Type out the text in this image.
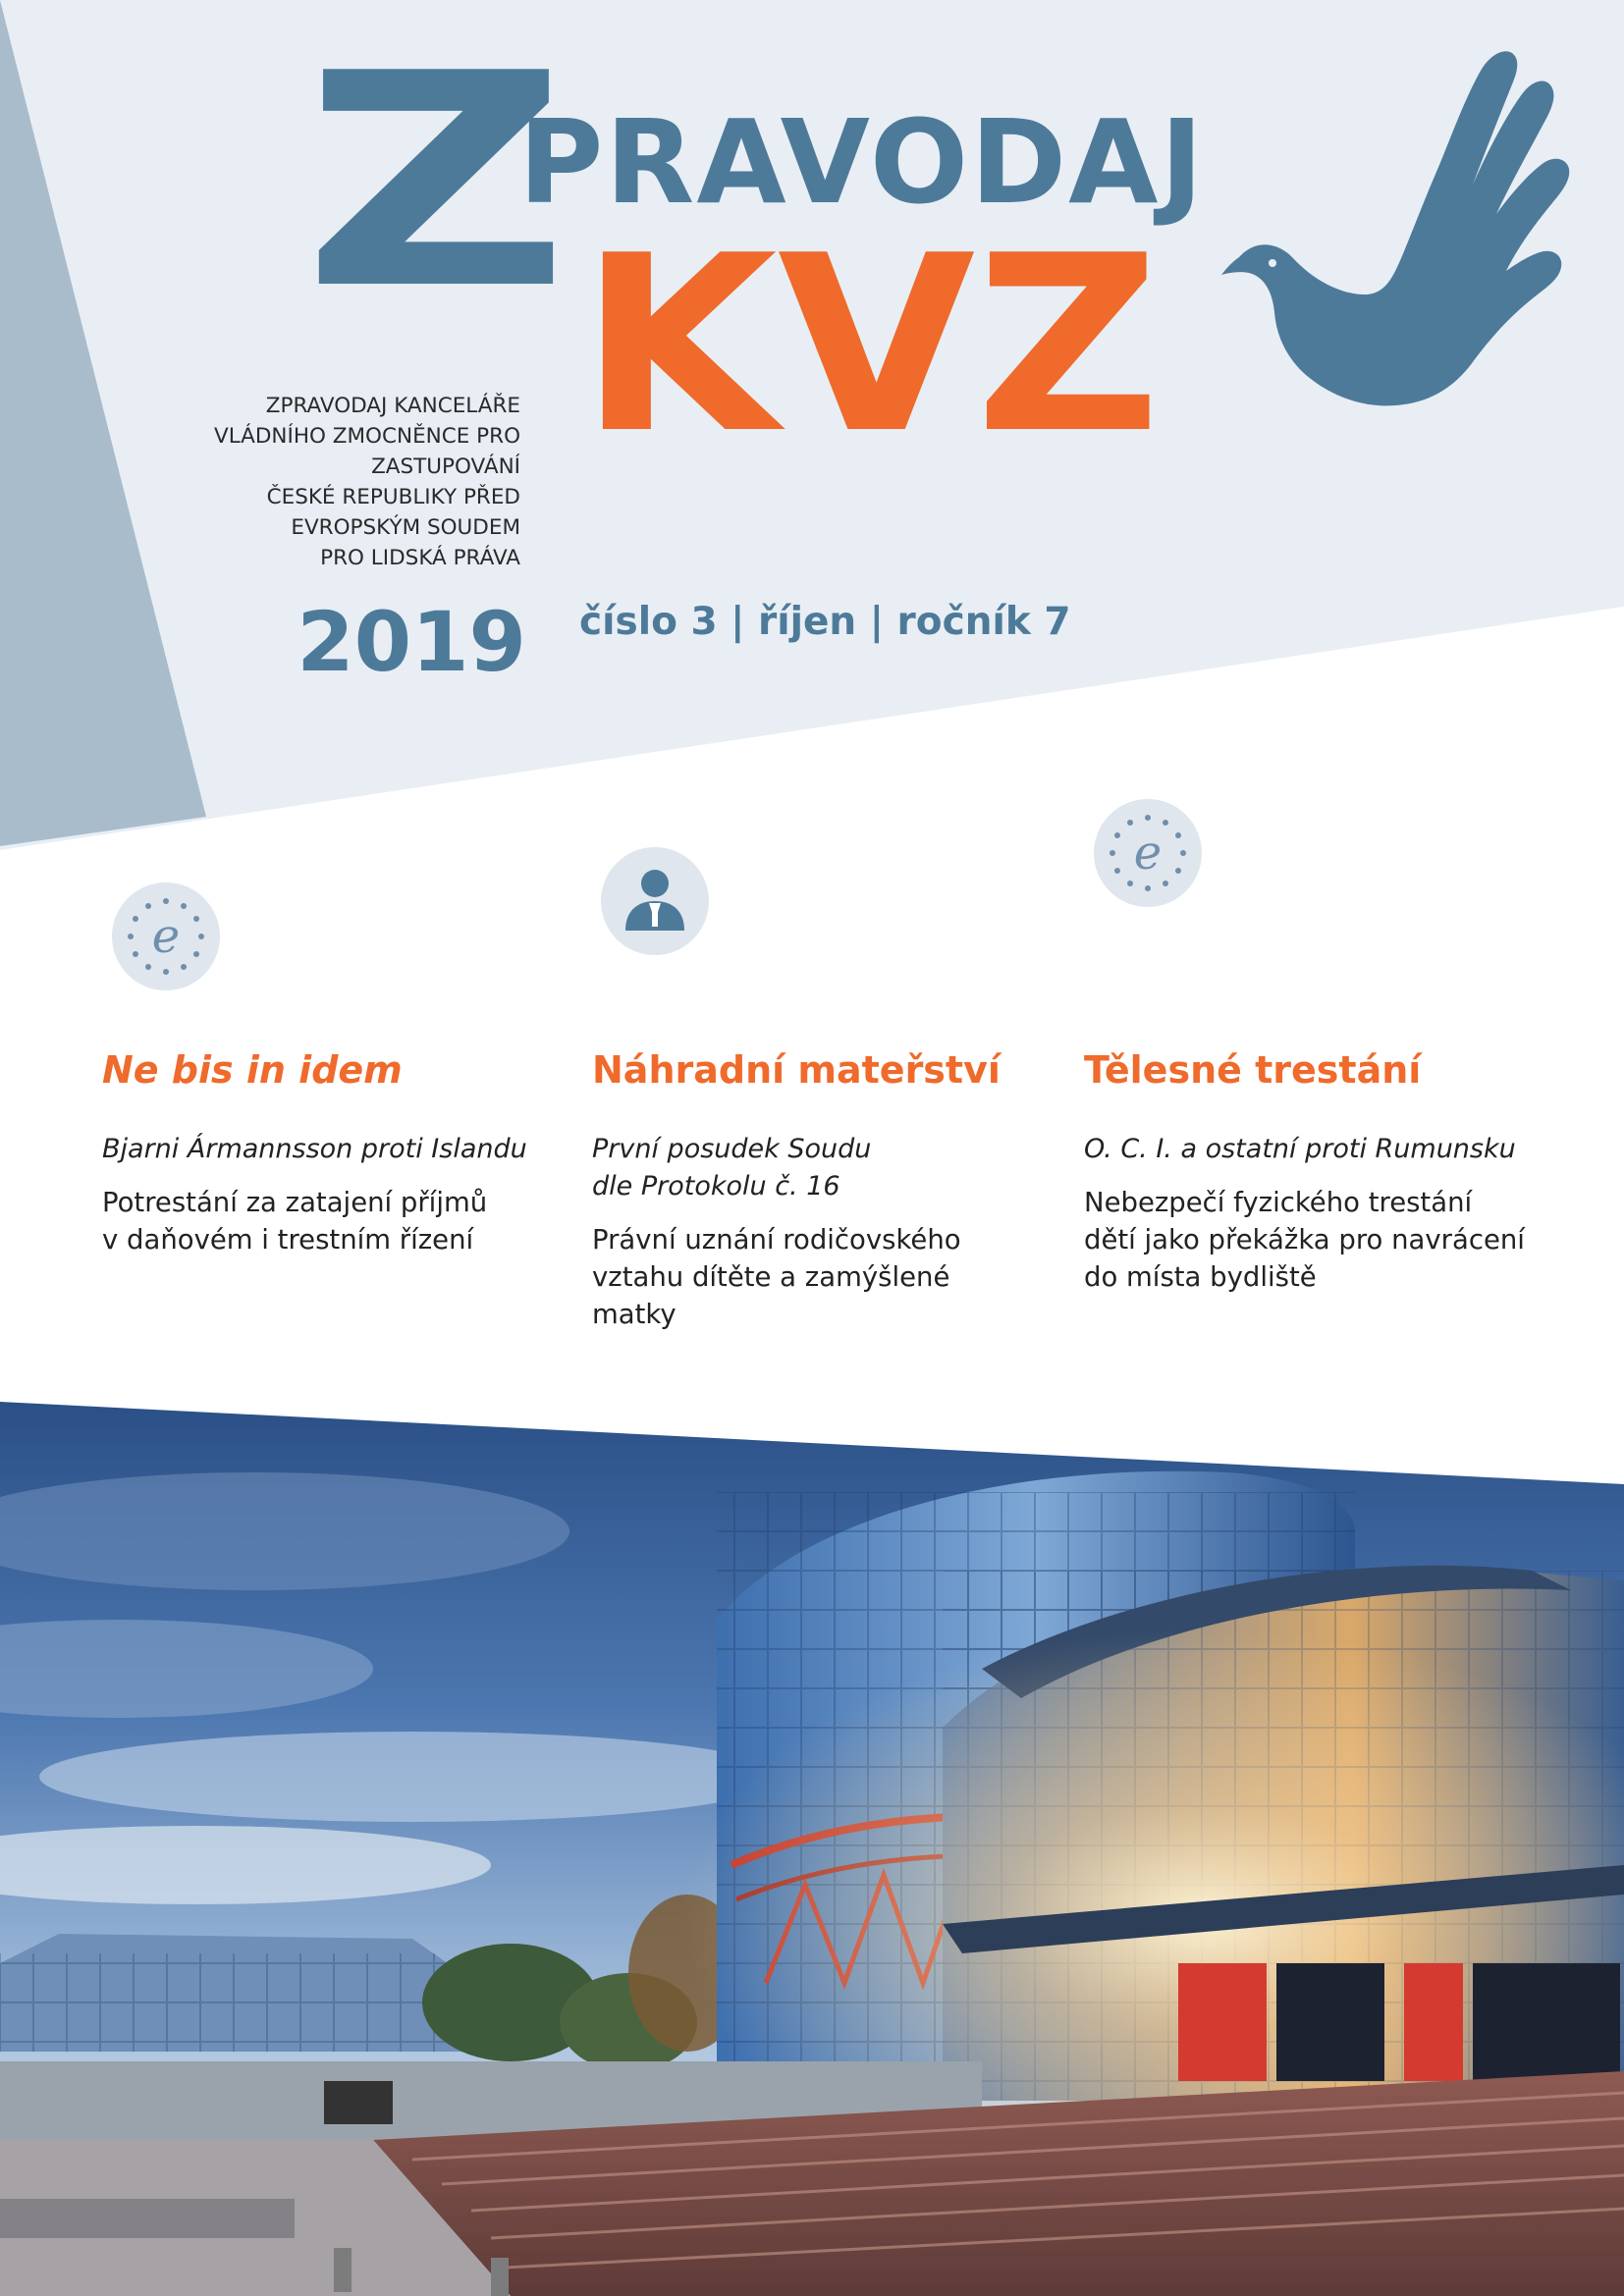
Z
PRAVODAJ
KVZ
ZPRAVODAJ KANCELÁŘE
VLÁDNÍHO ZMOCNĚNCE PRO
ZASTUPOVÁNÍ
ČESKÉ REPUBLIKY PŘED
EVROPSKÝM SOUDEM
PRO LIDSKÁ PRÁVA
2019 číslo 3 | říjen | ročník 7
e
e
Ne bis in idem
Bjarni Ármannsson proti Islandu
Potrestání za zatajení příjmů
v daňovém i trestním řízení
Náhradní mateřství
První posudek Soudu
dle Protokolu č. 16
Právní uznání rodičovského
vztahu dítěte a zamýšlené
matky
Tělesné trestání
O. C. I. a ostatní proti Rumunsku
Nebezpečí fyzického trestání
dětí jako překážka pro navrácení
do místa bydliště
